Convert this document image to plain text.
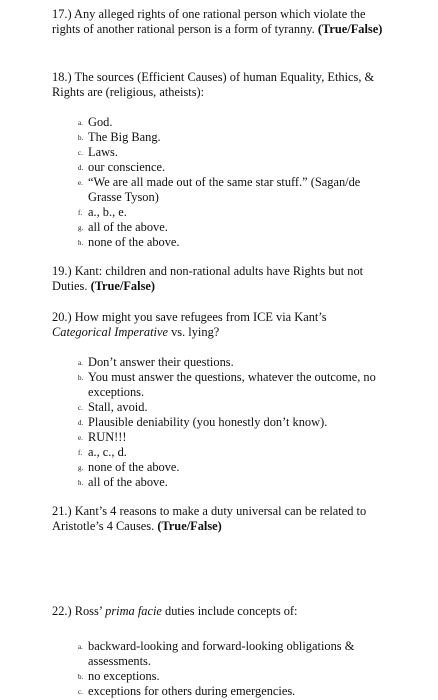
17.) Any alleged rights of one rational person which violate the rights of another rational person is a form of tyranny. (True/False)

18.) The sources (Efficient Causes) of human Equality, Ethics, & Rights are (religious, atheists):

a. God.
b. The Big Bang.
c. Laws.
d. our conscience.
e. “We are all made out of the same star stuff.” (Sagan/de Grasse Tyson)
f. a., b., e.
g. all of the above.
h. none of the above.

19.) Kant: children and non-rational adults have Rights but not Duties. (True/False)

20.) How might you save refugees from ICE via Kant’s Categorical Imperative vs. lying?

a. Don’t answer their questions.
b. You must answer the questions, whatever the outcome, no exceptions.
c. Stall, avoid.
d. Plausible deniability (you honestly don’t know).
e. RUN!!!
f. a., c., d.
g. none of the above.
h. all of the above.

21.) Kant’s 4 reasons to make a duty universal can be related to Aristotle’s 4 Causes. (True/False)

22.) Ross’ prima facie duties include concepts of:

a. backward-looking and forward-looking obligations & assessments.
b. no exceptions.
c. exceptions for others during emergencies.
